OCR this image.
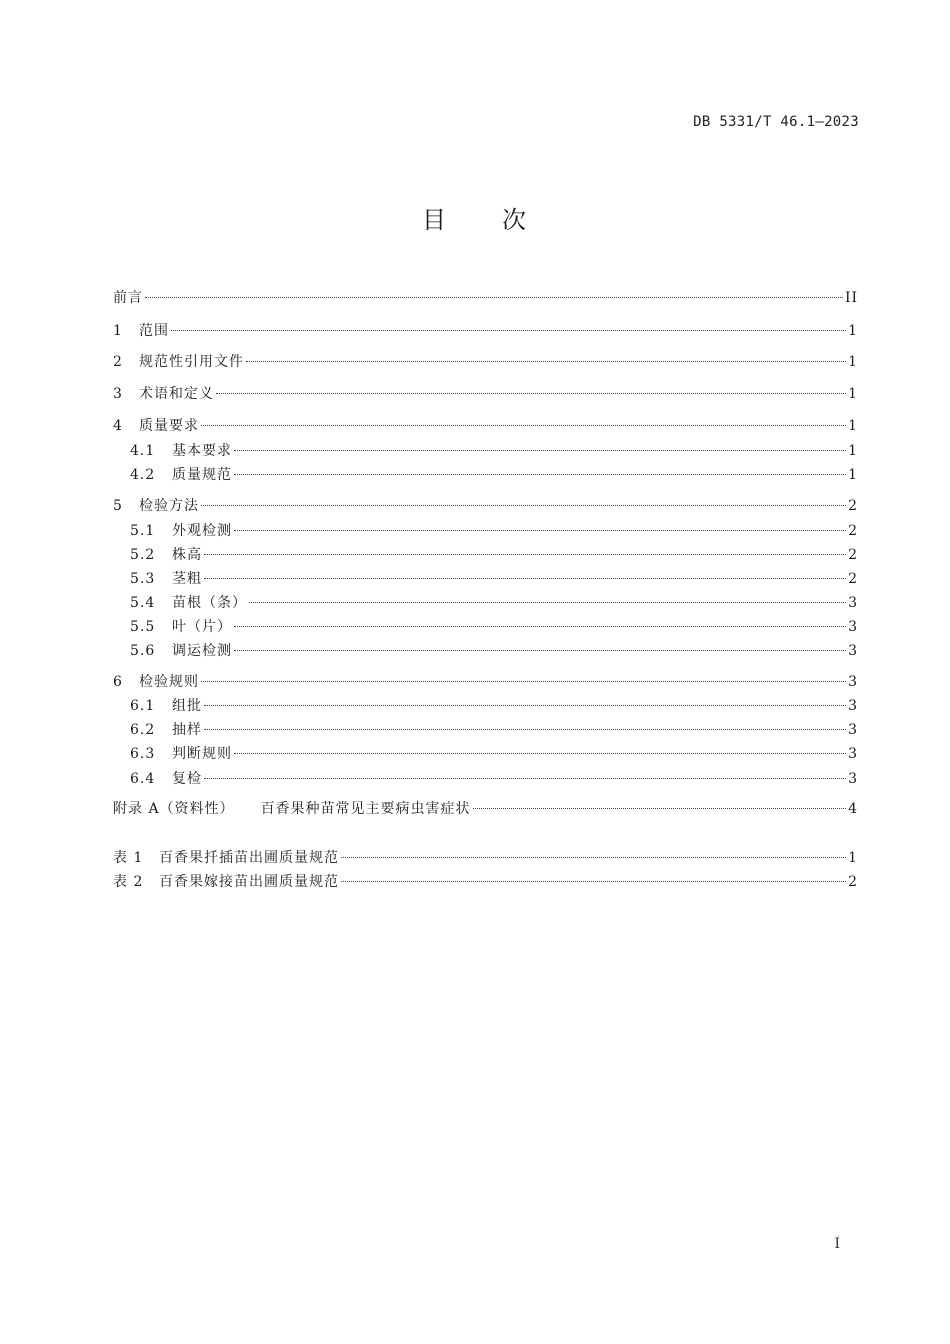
DB 5331/T 46.1—2023
目 次
前言	II
1	范围	1
2	规范性引用文件	1
3	术语和定义	1
4	质量要求	1
4.1	基本要求	1
4.2	质量规范	1
5	检验方法	2
5.1	外观检测	2
5.2	株高	2
5.3	茎粗	2
5.4	苗根（条）	3
5.5	叶（片）	3
5.6	调运检测	3
6	检验规则	3
6.1	组批	3
6.2	抽样	3
6.3	判断规则	3
6.4	复检	3
附录 A（资料性） 百香果种苗常见主要病虫害症状	4
表 1	百香果扦插苗出圃质量规范	1
表 2	百香果嫁接苗出圃质量规范	2
I
